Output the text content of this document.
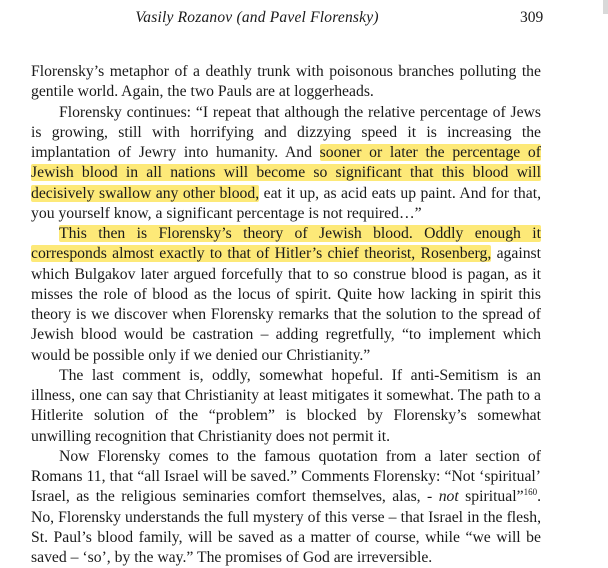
Vasily Rozanov (and Pavel Florensky)	309

Florensky’s metaphor of a deathly trunk with poisonous branches polluting the gentile world. Again, the two Pauls are at loggerheads.

Florensky continues: “I repeat that although the relative percentage of Jews is growing, still with horrifying and dizzying speed it is increasing the implantation of Jewry into humanity. And sooner or later the percentage of Jewish blood in all nations will become so significant that this blood will decisively swallow any other blood, eat it up, as acid eats up paint. And for that, you yourself know, a significant percentage is not required…”

This then is Florensky’s theory of Jewish blood. Oddly enough it corresponds almost exactly to that of Hitler’s chief theorist, Rosenberg, against which Bulgakov later argued forcefully that to so construe blood is pagan, as it misses the role of blood as the locus of spirit. Quite how lacking in spirit this theory is we discover when Florensky remarks that the solution to the spread of Jewish blood would be castration – adding regretfully, “to implement which would be possible only if we denied our Christianity.”

The last comment is, oddly, somewhat hopeful. If anti-Semitism is an illness, one can say that Christianity at least mitigates it somewhat. The path to a Hitlerite solution of the “problem” is blocked by Florensky’s somewhat unwilling recognition that Christianity does not permit it.

Now Florensky comes to the famous quotation from a later section of Romans 11, that “all Israel will be saved.” Comments Florensky: “Not ‘spiritual’ Israel, as the religious seminaries comfort themselves, alas, - not spiritual”$^{160}$. No, Florensky understands the full mystery of this verse – that Israel in the flesh, St. Paul’s blood family, will be saved as a matter of course, while “we will be saved – ‘so’, by the way.” The promises of God are irreversible.
